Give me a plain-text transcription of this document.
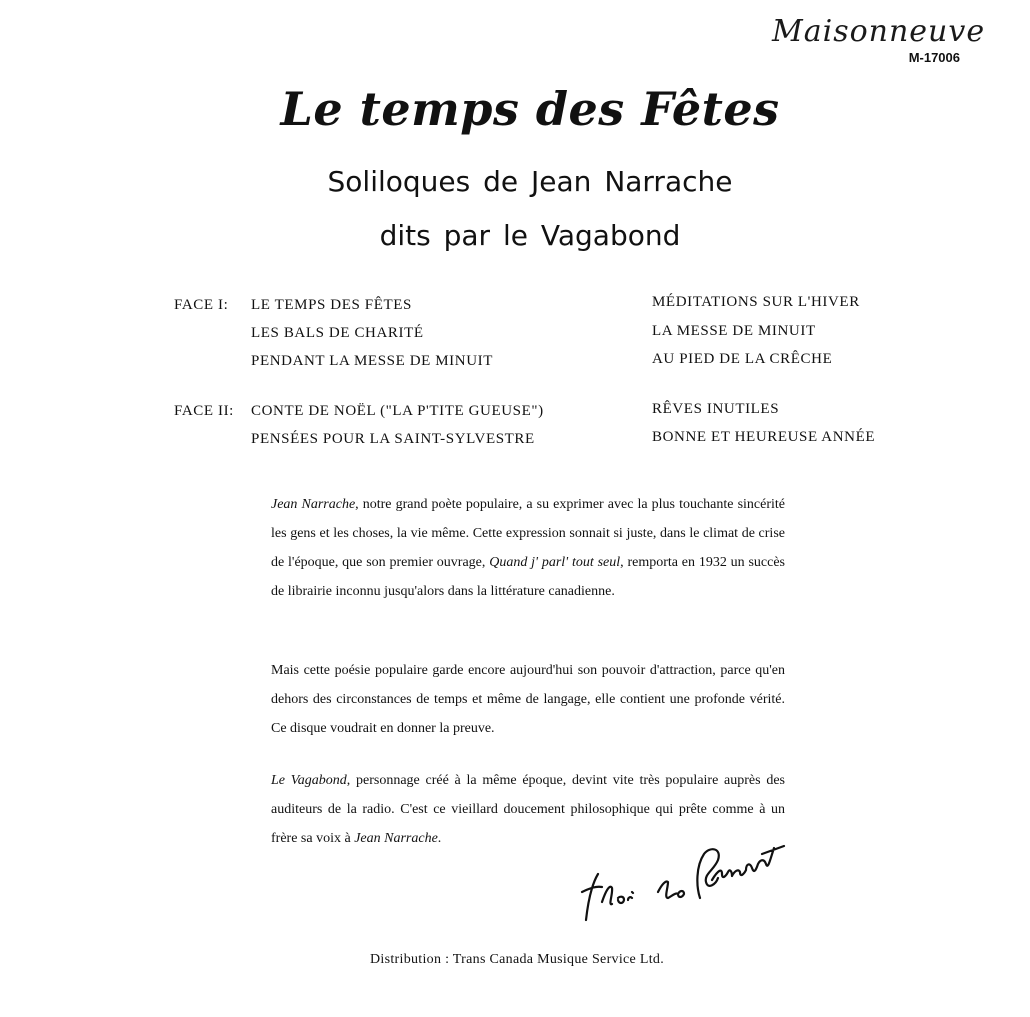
Maisonneuve
M-17006
Le temps des Fêtes
Soliloques de Jean Narrache
dits par le Vagabond
FACE I: LE TEMPS DES FÊTES
LES BALS DE CHARITÉ
PENDANT LA MESSE DE MINUIT
MÉDITATIONS SUR L'HIVER
LA MESSE DE MINUIT
AU PIED DE LA CRÊCHE
FACE II: CONTE DE NOËL ("LA P'TITE GUEUSE")
PENSÉES POUR LA SAINT-SYLVESTRE
RÊVES INUTILES
BONNE ET HEUREUSE ANNÉE
Jean Narrache, notre grand poète populaire, a su exprimer avec la plus touchante sincérité les gens et les choses, la vie même. Cette expression sonnait si juste, dans le climat de crise de l'époque, que son premier ouvrage, Quand j' parl' tout seul, remporta en 1932 un succès de librairie inconnu jusqu'alors dans la littérature canadienne.
Mais cette poésie populaire garde encore aujourd'hui son pouvoir d'attraction, parce qu'en dehors des circonstances de temps et même de langage, elle contient une profonde vérité. Ce disque voudrait en donner la preuve.
Le Vagabond, personnage créé à la même époque, devint vite très populaire auprès des auditeurs de la radio. C'est ce vieillard doucement philosophique qui prête comme à un frère sa voix à Jean Narrache.
Distribution : Trans Canada Musique Service Ltd.
